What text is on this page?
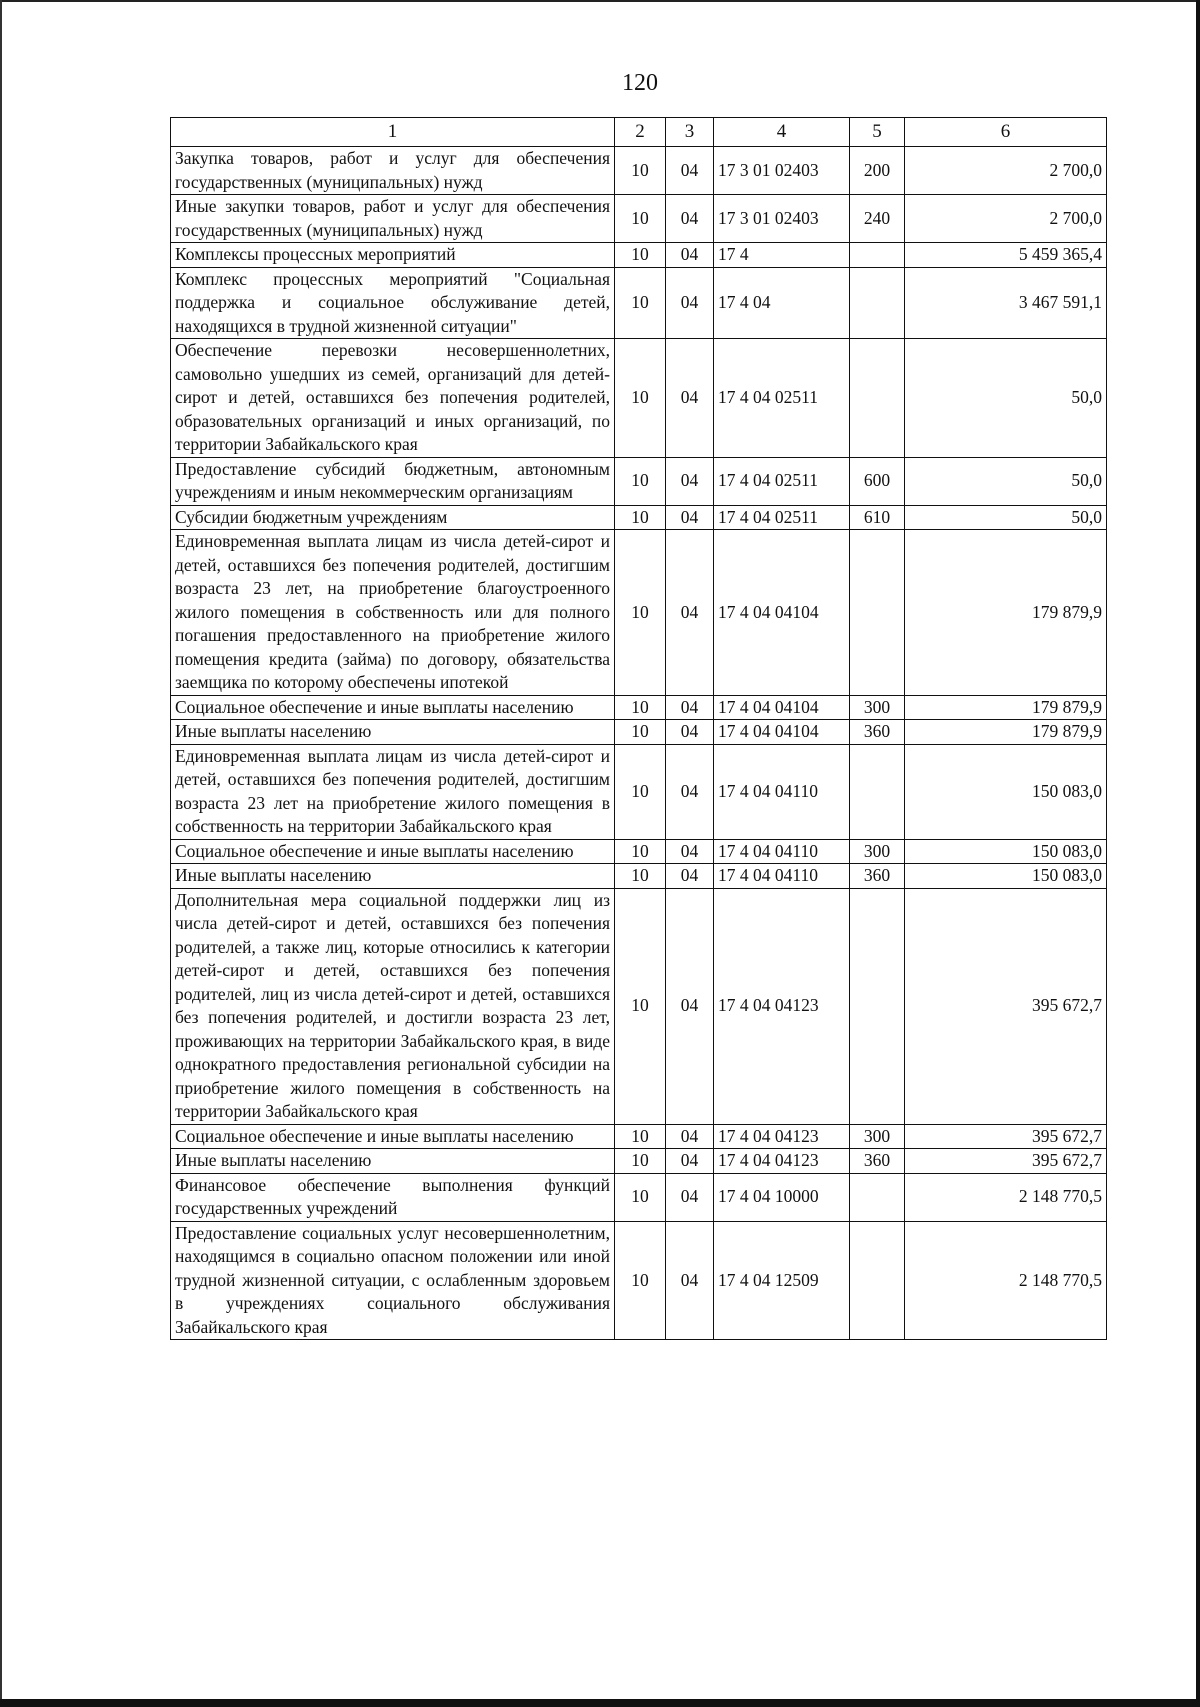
120
1	2	3	4	5	6
Закупка товаров, работ и услуг для обеспечения государственных (муниципальных) нужд	10	04	17 3 01 02403	200	2 700,0
Иные закупки товаров, работ и услуг для обеспечения государственных (муниципальных) нужд	10	04	17 3 01 02403	240	2 700,0
Комплексы процессных мероприятий	10	04	17 4		5 459 365,4
Комплекс процессных мероприятий "Социальная поддержка и социальное обслуживание детей, находящихся в трудной жизненной ситуации"	10	04	17 4 04		3 467 591,1
Обеспечение перевозки несовершеннолетних, самовольно ушедших из семей, организаций для детей-сирот и детей, оставшихся без попечения родителей, образовательных организаций и иных организаций, по территории Забайкальского края	10	04	17 4 04 02511		50,0
Предоставление субсидий бюджетным, автономным учреждениям и иным некоммерческим организациям	10	04	17 4 04 02511	600	50,0
Субсидии бюджетным учреждениям	10	04	17 4 04 02511	610	50,0
Единовременная выплата лицам из числа детей-сирот и детей, оставшихся без попечения родителей, достигшим возраста 23 лет, на приобретение благоустроенного жилого помещения в собственность или для полного погашения предоставленного на приобретение жилого помещения кредита (займа) по договору, обязательства заемщика по которому обеспечены ипотекой	10	04	17 4 04 04104		179 879,9
Социальное обеспечение и иные выплаты населению	10	04	17 4 04 04104	300	179 879,9
Иные выплаты населению	10	04	17 4 04 04104	360	179 879,9
Единовременная выплата лицам из числа детей-сирот и детей, оставшихся без попечения родителей, достигшим возраста 23 лет на приобретение жилого помещения в собственность на территории Забайкальского края	10	04	17 4 04 04110		150 083,0
Социальное обеспечение и иные выплаты населению	10	04	17 4 04 04110	300	150 083,0
Иные выплаты населению	10	04	17 4 04 04110	360	150 083,0
Дополнительная мера социальной поддержки лиц из числа детей-сирот и детей, оставшихся без попечения родителей, а также лиц, которые относились к категории детей-сирот и детей, оставшихся без попечения родителей, лиц из числа детей-сирот и детей, оставшихся без попечения родителей, и достигли возраста 23 лет, проживающих на территории Забайкальского края, в виде однократного предоставления региональной субсидии на приобретение жилого помещения в собственность на территории Забайкальского края	10	04	17 4 04 04123		395 672,7
Социальное обеспечение и иные выплаты населению	10	04	17 4 04 04123	300	395 672,7
Иные выплаты населению	10	04	17 4 04 04123	360	395 672,7
Финансовое обеспечение выполнения функций государственных учреждений	10	04	17 4 04 10000		2 148 770,5
Предоставление социальных услуг несовершеннолетним, находящимся в социально опасном положении или иной трудной жизненной ситуации, с ослабленным здоровьем в учреждениях социального обслуживания Забайкальского края	10	04	17 4 04 12509		2 148 770,5
